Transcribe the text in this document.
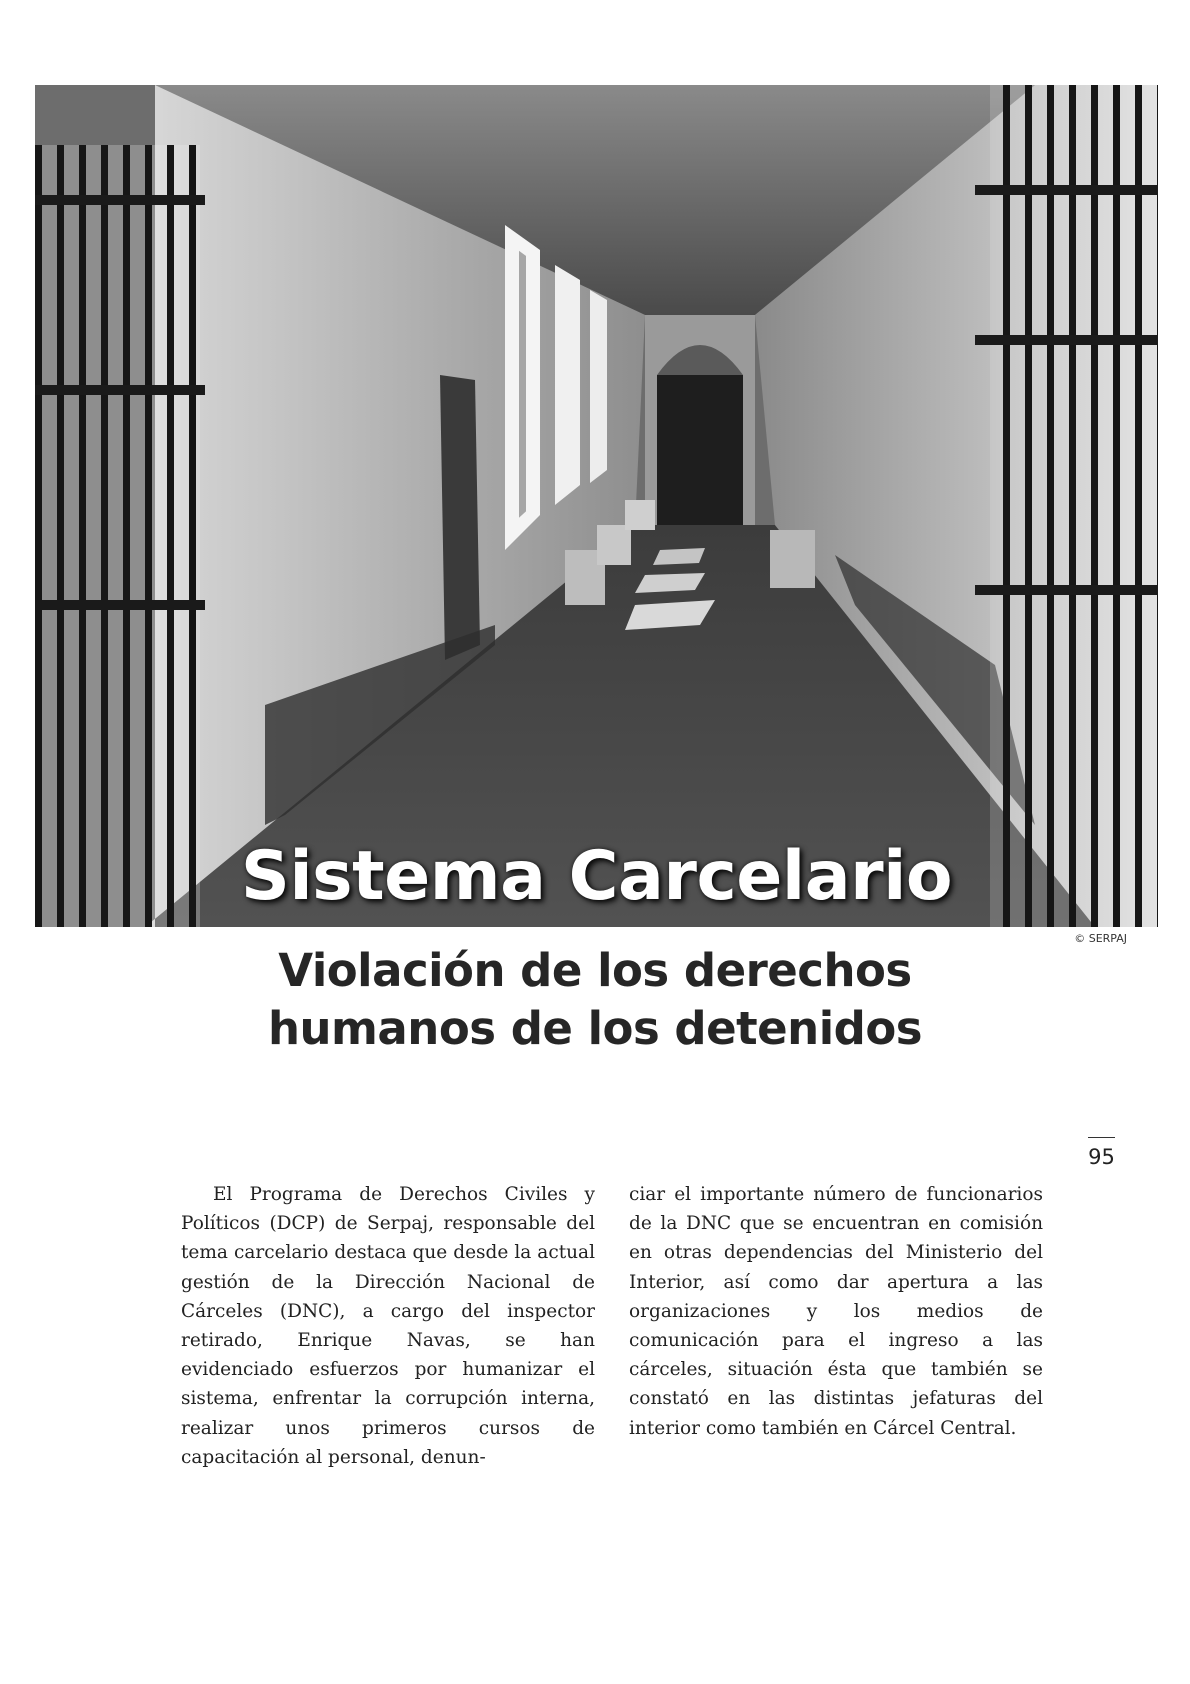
Sistema Carcelario
© SERPAJ
Violación de los derechos
humanos de los detenidos
95

El Programa de Derechos Civiles y Políticos (DCP) de Serpaj, responsable del tema carcelario destaca que desde la actual gestión de la Dirección Nacional de Cárceles (DNC), a cargo del inspector retirado, Enrique Navas, se han evidenciado esfuerzos por humanizar el sistema, enfrentar la corrupción interna, realizar unos primeros cursos de capacitación al personal, denun-

ciar el importante número de funcionarios de la DNC que se encuentran en comisión en otras dependencias del Ministerio del Interior, así como dar apertura a las organizaciones y los medios de comunicación para el ingreso a las cárceles, situación ésta que también se constató en las distintas jefaturas del interior como también en Cárcel Central.
